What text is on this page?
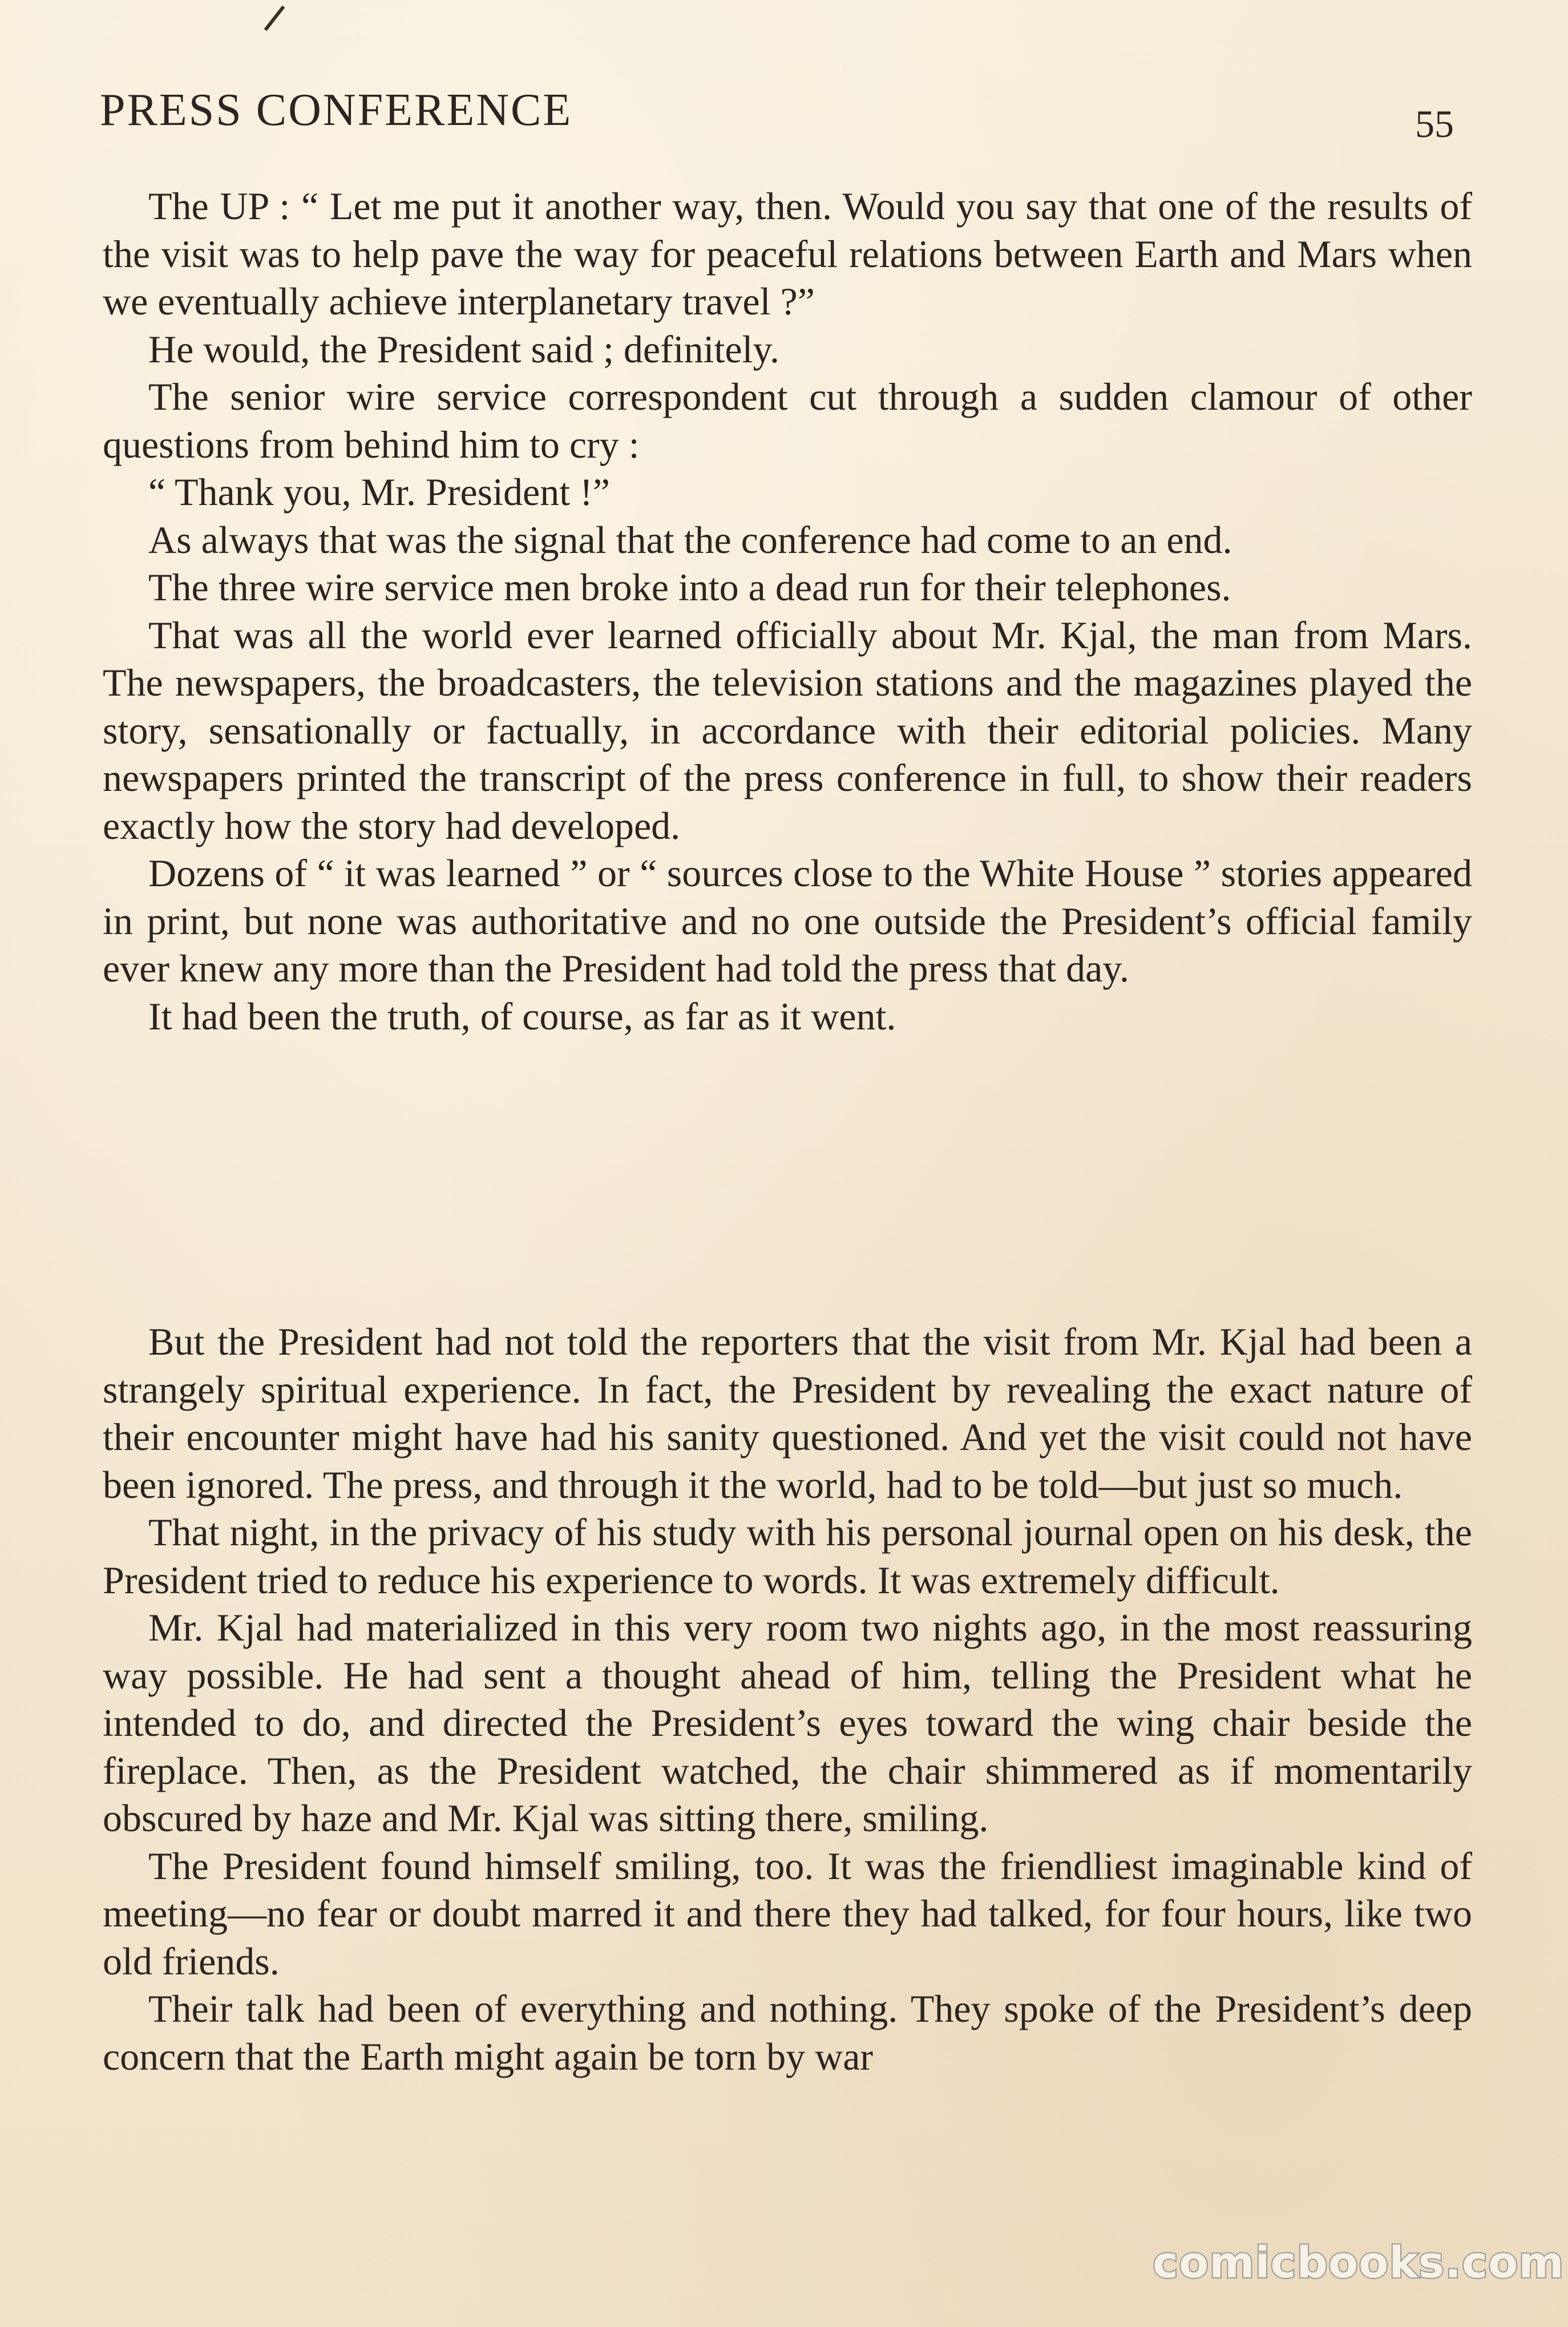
PRESS CONFERENCE	55

The UP : “ Let me put it another way, then. Would you say that one of the results of the visit was to help pave the way for peaceful relations between Earth and Mars when we eventually achieve interplanetary travel ?”

He would, the President said ; definitely.

The senior wire service correspondent cut through a sudden clamour of other questions from behind him to cry :

“ Thank you, Mr. President !”

As always that was the signal that the conference had come to an end.

The three wire service men broke into a dead run for their telephones.

That was all the world ever learned officially about Mr. Kjal, the man from Mars. The newspapers, the broadcasters, the television stations and the magazines played the story, sensationally or factually, in accordance with their editorial policies. Many newspapers printed the transcript of the press conference in full, to show their readers exactly how the story had developed.

Dozens of “ it was learned ” or “ sources close to the White House ” stories appeared in print, but none was authoritative and no one outside the President’s official family ever knew any more than the President had told the press that day.

It had been the truth, of course, as far as it went.

But the President had not told the reporters that the visit from Mr. Kjal had been a strangely spiritual experience. In fact, the President by revealing the exact nature of their encounter might have had his sanity questioned. And yet the visit could not have been ignored. The press, and through it the world, had to be told—but just so much.

That night, in the privacy of his study with his personal journal open on his desk, the President tried to reduce his experience to words. It was extremely difficult.

Mr. Kjal had materialized in this very room two nights ago, in the most reassuring way possible. He had sent a thought ahead of him, telling the President what he intended to do, and directed the President’s eyes toward the wing chair beside the fireplace. Then, as the President watched, the chair shimmered as if momentarily obscured by haze and Mr. Kjal was sitting there, smiling.

The President found himself smiling, too. It was the friendliest imaginable kind of meeting—no fear or doubt marred it and there they had talked, for four hours, like two old friends.

Their talk had been of everything and nothing. They spoke of the President’s deep concern that the Earth might again be torn by war

comicbooks.com
